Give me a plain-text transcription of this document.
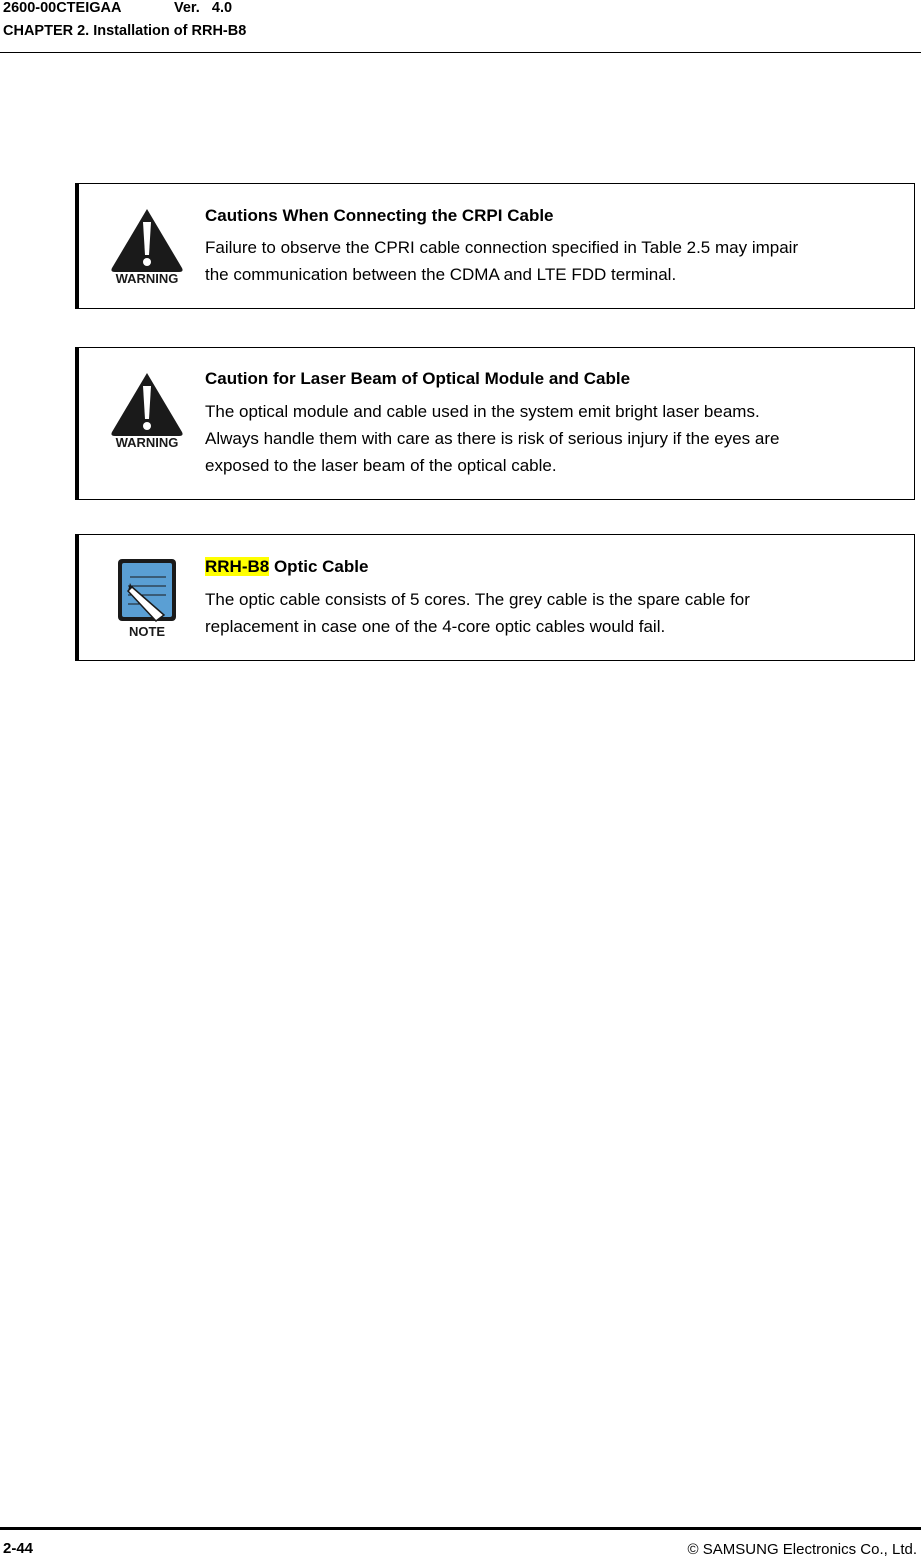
2600-00CTEIGAA	Ver.   4.0
CHAPTER 2. Installation of RRH-B8
WARNING
Cautions When Connecting the CRPI Cable
Failure to observe the CPRI cable connection specified in Table 2.5 may impair
the communication between the CDMA and LTE FDD terminal.
WARNING
Caution for Laser Beam of Optical Module and Cable
The optical module and cable used in the system emit bright laser beams.
Always handle them with care as there is risk of serious injury if the eyes are
exposed to the laser beam of the optical cable.
NOTE
RRH-B8 Optic Cable
The optic cable consists of 5 cores. The grey cable is the spare cable for
replacement in case one of the 4-core optic cables would fail.
2-44	© SAMSUNG Electronics Co., Ltd.
